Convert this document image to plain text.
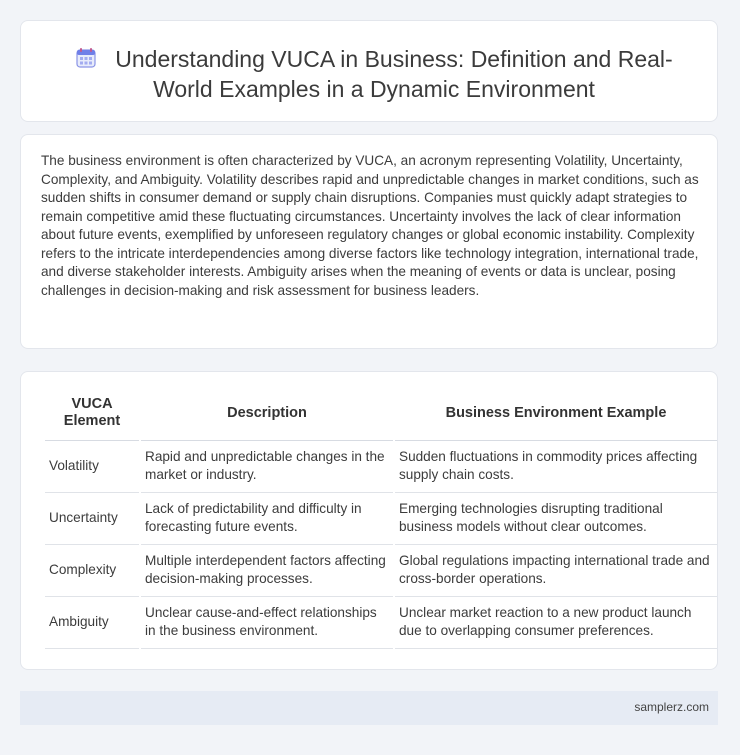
Understanding VUCA in Business: Definition and Real-World Examples in a Dynamic Environment

The business environment is often characterized by VUCA, an acronym representing Volatility, Uncertainty, Complexity, and Ambiguity. Volatility describes rapid and unpredictable changes in market conditions, such as sudden shifts in consumer demand or supply chain disruptions. Companies must quickly adapt strategies to remain competitive amid these fluctuating circumstances. Uncertainty involves the lack of clear information about future events, exemplified by unforeseen regulatory changes or global economic instability. Complexity refers to the intricate interdependencies among diverse factors like technology integration, international trade, and diverse stakeholder interests. Ambiguity arises when the meaning of events or data is unclear, posing challenges in decision-making and risk assessment for business leaders.

VUCA Element	Description	Business Environment Example
Volatility	Rapid and unpredictable changes in the market or industry.	Sudden fluctuations in commodity prices affecting supply chain costs.
Uncertainty	Lack of predictability and difficulty in forecasting future events.	Emerging technologies disrupting traditional business models without clear outcomes.
Complexity	Multiple interdependent factors affecting decision-making processes.	Global regulations impacting international trade and cross-border operations.
Ambiguity	Unclear cause-and-effect relationships in the business environment.	Unclear market reaction to a new product launch due to overlapping consumer preferences.
samplerz.com
